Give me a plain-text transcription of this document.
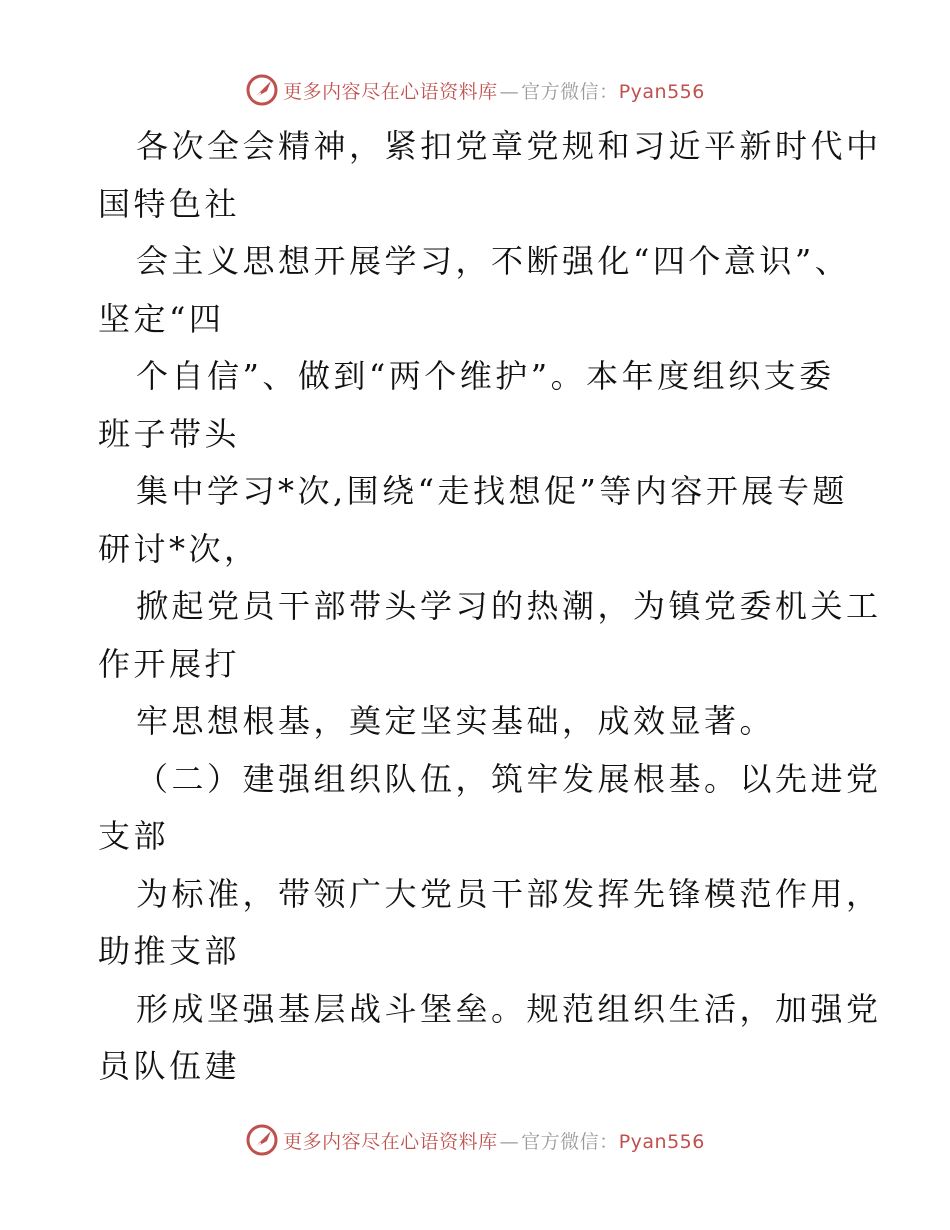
更多内容尽在心语资料库 — 官方微信：Pyan556
各次全会精神，紧扣党章党规和习近平新时代中
国特色社
会主义思想开展学习，不断强化“四个意识”、
坚定“四
个自信”、做到“两个维护”。本年度组织支委
班子带头
集中学习*次,围绕“走找想促”等内容开展专题
研讨*次，
掀起党员干部带头学习的热潮，为镇党委机关工
作开展打
牢思想根基，奠定坚实基础，成效显著。
（二）建强组织队伍，筑牢发展根基。以先进党
支部
为标准，带领广大党员干部发挥先锋模范作用，
助推支部
形成坚强基层战斗堡垒。规范组织生活，加强党
员队伍建
更多内容尽在心语资料库 — 官方微信：Pyan556
